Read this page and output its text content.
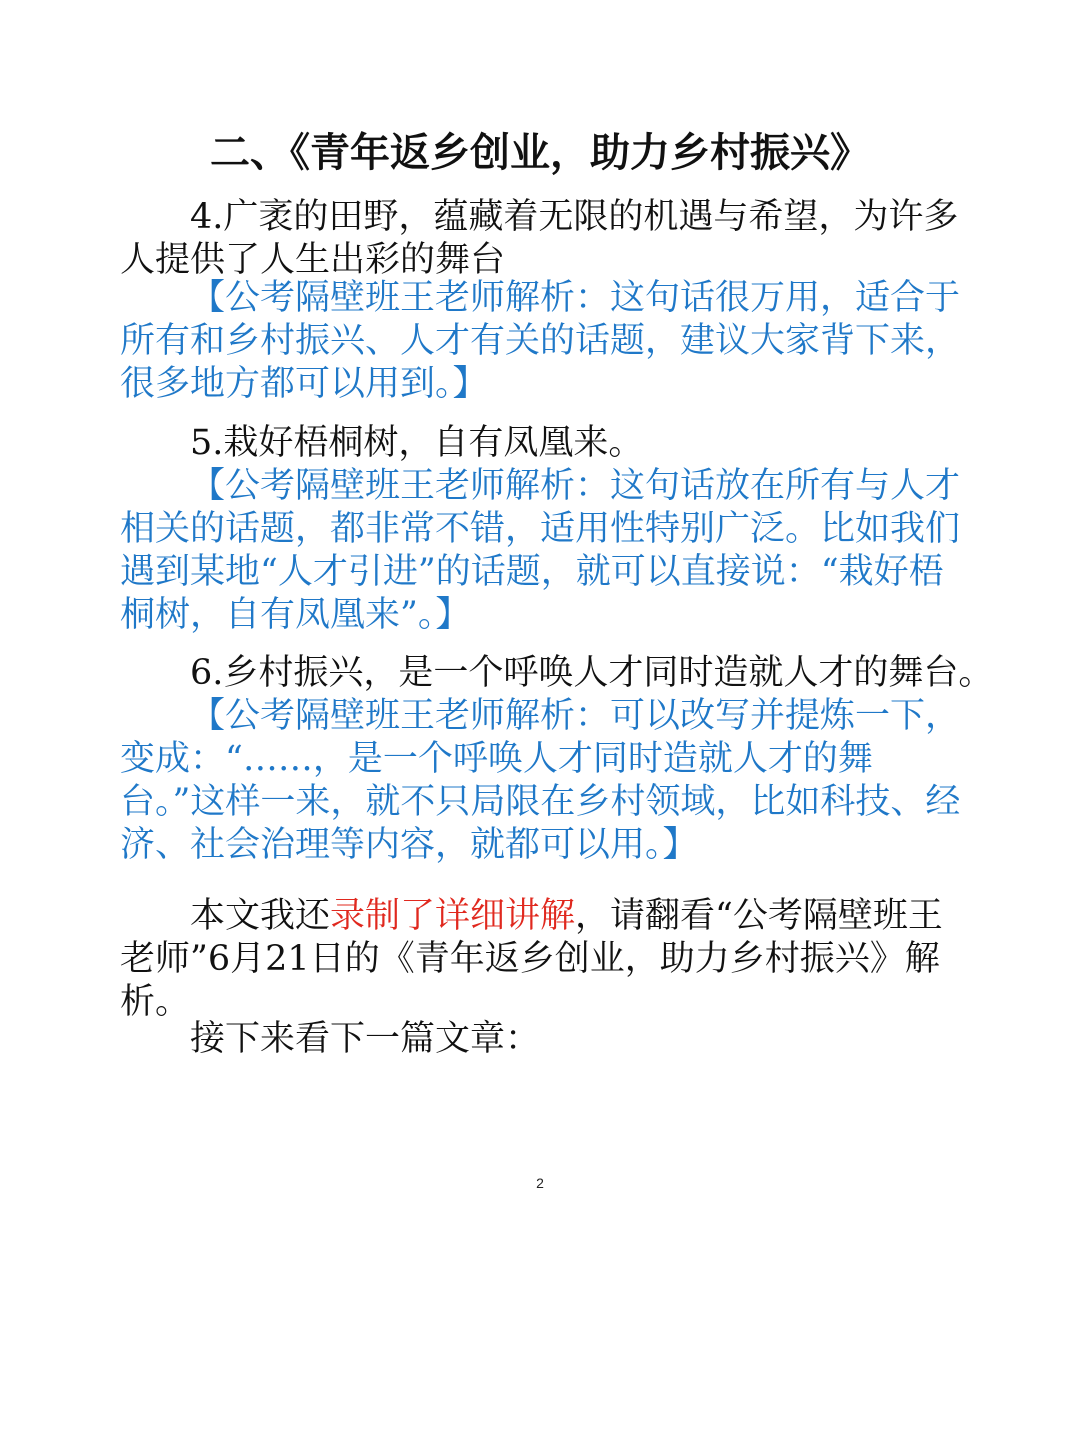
二、《青年返乡创业，助力乡村振兴》

4.广袤的田野，蕴藏着无限的机遇与希望，为许多人提供了人生出彩的舞台

【公考隔壁班王老师解析：这句话很万用，适合于所有和乡村振兴、人才有关的话题，建议大家背下来，很多地方都可以用到。】

5.栽好梧桐树，自有凤凰来。

【公考隔壁班王老师解析：这句话放在所有与人才相关的话题，都非常不错，适用性特别广泛。比如我们遇到某地“人才引进”的话题，就可以直接说：“栽好梧桐树，自有凤凰来”。】

6.乡村振兴，是一个呼唤人才同时造就人才的舞台。

【公考隔壁班王老师解析：可以改写并提炼一下，变成：“……，是一个呼唤人才同时造就人才的舞台。”这样一来，就不只局限在乡村领域，比如科技、经济、社会治理等内容，就都可以用。】

本文我还录制了详细讲解，请翻看“公考隔壁班王老师”6月21日的《青年返乡创业，助力乡村振兴》解析。

接下来看下一篇文章：

2
